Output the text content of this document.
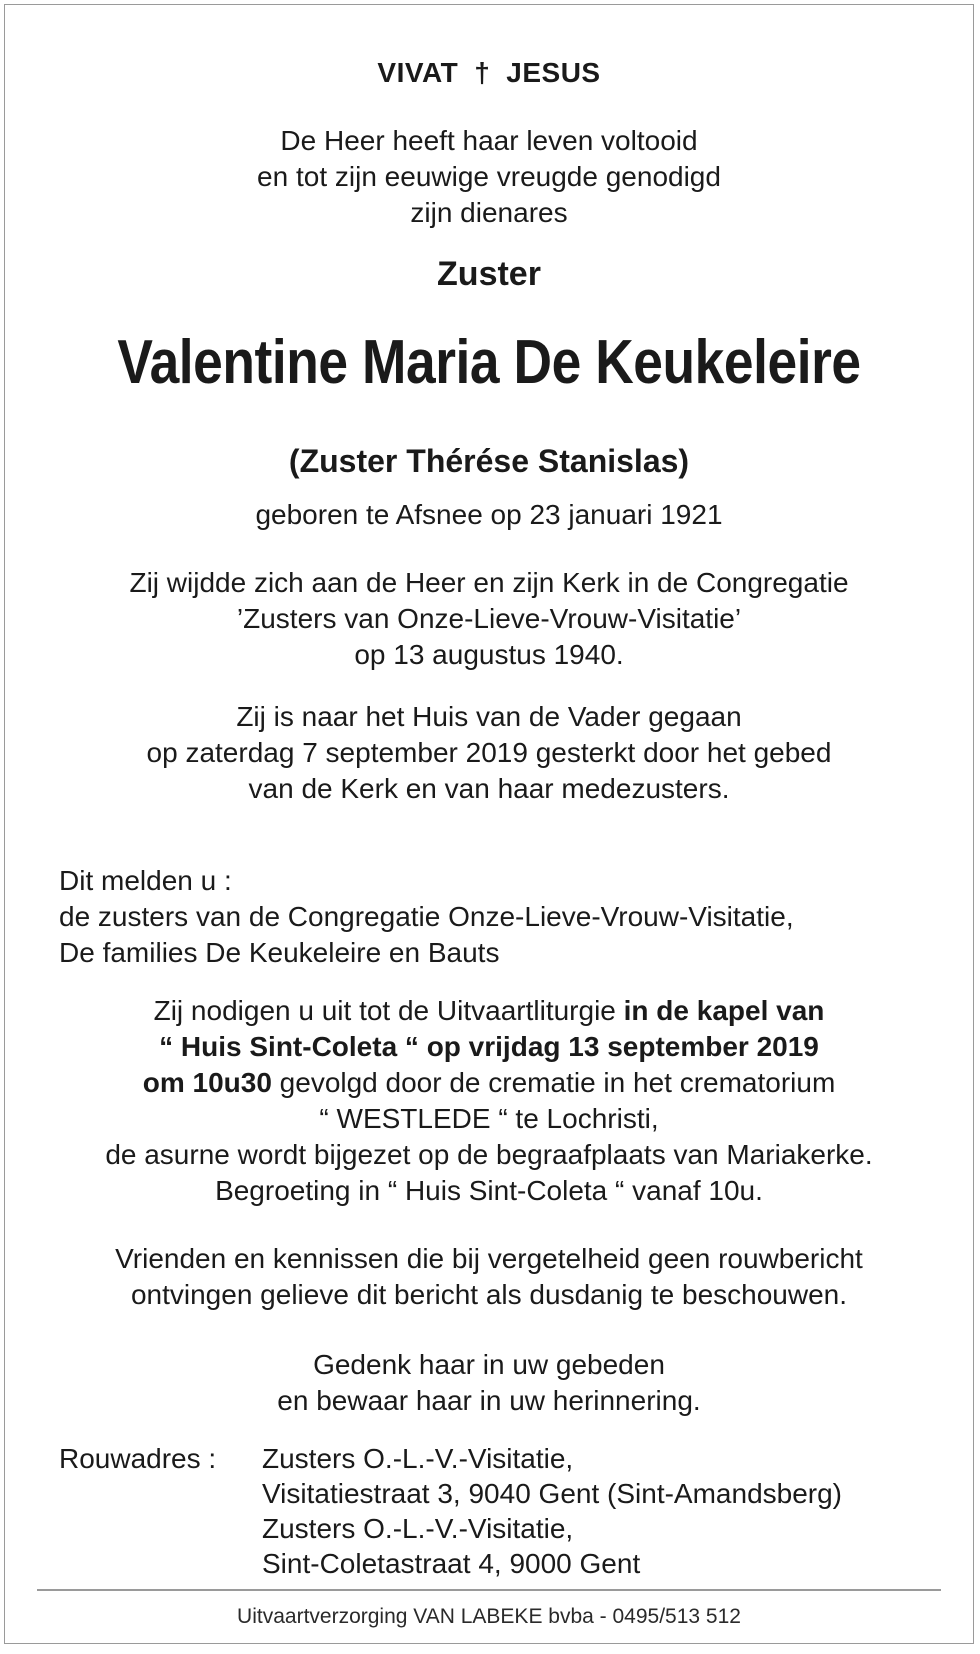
VIVAT † JESUS
De Heer heeft haar leven voltooid
en tot zijn eeuwige vreugde genodigd
zijn dienares
Zuster
Valentine Maria De Keukeleire
(Zuster Thérése Stanislas)
geboren te Afsnee op 23 januari 1921
Zij wijdde zich aan de Heer en zijn Kerk in de Congregatie
’Zusters van Onze-Lieve-Vrouw-Visitatie’
op 13 augustus 1940.
Zij is naar het Huis van de Vader gegaan
op zaterdag 7 september 2019 gesterkt door het gebed
van de Kerk en van haar medezusters.
Dit melden u :
de zusters van de Congregatie Onze-Lieve-Vrouw-Visitatie,
De families De Keukeleire en Bauts
Zij nodigen u uit tot de Uitvaartliturgie in de kapel van
“ Huis Sint-Coleta “ op vrijdag 13 september 2019
om 10u30 gevolgd door de crematie in het crematorium
“ WESTLEDE “ te Lochristi,
de asurne wordt bijgezet op de begraafplaats van Mariakerke.
Begroeting in “ Huis Sint-Coleta “ vanaf 10u.
Vrienden en kennissen die bij vergetelheid geen rouwbericht
ontvingen gelieve dit bericht als dusdanig te beschouwen.
Gedenk haar in uw gebeden
en bewaar haar in uw herinnering.
Rouwadres : Zusters O.-L.-V.-Visitatie,
Visitatiestraat 3, 9040 Gent (Sint-Amandsberg)
Zusters O.-L.-V.-Visitatie,
Sint-Coletastraat 4, 9000 Gent
Uitvaartverzorging VAN LABEKE bvba - 0495/513 512
